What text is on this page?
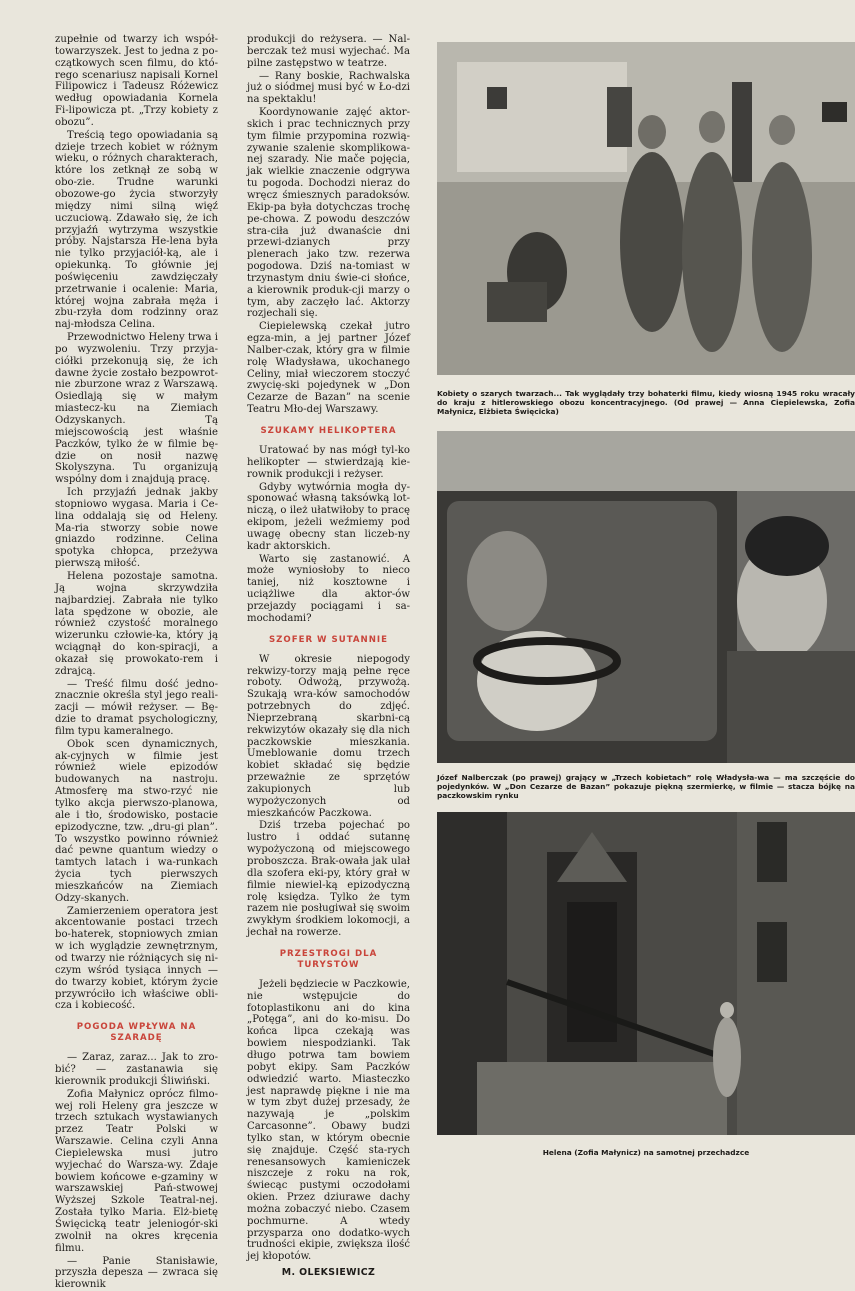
zupełnie od twarzy ich współ-towarzyszek. Jest to jedna z po-czątkowych scen filmu, do któ-rego scenariusz napisali Kornel Filipowicz i Tadeusz Różewicz według opowiadania Kornela Fi-lipowicza pt. „Trzy kobiety z obozu”.

Treścią tego opowiadania są dzieje trzech kobiet w różnym wieku, o różnych charakterach, które los zetknął ze sobą w obo-zie. Trudne warunki obozowe-go życia stworzyły między nimi silną więź uczuciową. Zdawało się, że ich przyjaźń wytrzyma wszystkie próby. Najstarsza He-lena była nie tylko przyjaciół-ką, ale i opiekunką. To głównie jej poświęceniu zawdzięczały przetrwanie i ocalenie: Maria, której wojna zabrała męża i zbu-rzyła dom rodzinny oraz naj-młodsza Celina.

Przewodnictwo Heleny trwa i po wyzwoleniu. Trzy przyja-ciółki przekonują się, że ich dawne życie zostało bezpowrot-nie zburzone wraz z Warszawą. Osiedlają się w małym miastecz-ku na Ziemiach Odzyskanych. Tą miejscowością jest właśnie Paczków, tylko że w filmie bę-dzie on nosił nazwę Skolyszyna. Tu organizują wspólny dom i znajdują pracę.

Ich przyjaźń jednak jakby stopniowo wygasa. Maria i Ce-lina oddalają się od Heleny. Ma-ria stworzy sobie nowe gniazdo rodzinne. Celina spotyka chłopca, przeżywa pierwszą miłość.

Helena pozostaje samotna. Ją wojna skrzywdziła najbardziej. Zabrała nie tylko lata spędzone w obozie, ale również czystość moralnego wizerunku człowie-ka, który ją wciągnął do kon-spiracji, a okazał się prowokato-rem i zdrajcą.

— Treść filmu dość jedno-znacznie określa styl jego reali-zacji — mówił reżyser. — Bę-dzie to dramat psychologiczny, film typu kameralnego.

Obok scen dynamicznych, ak-cyjnych w filmie jest również wiele epizodów budowanych na nastroju. Atmosferę ma stwo-rzyć nie tylko akcja pierwszo-planowa, ale i tło, środowisko, postacie epizodyczne, tzw. „dru-gi plan”. To wszystko powinno również dać pewne quantum wiedzy o tamtych latach i wa-runkach życia tych pierwszych mieszkańców na Ziemiach Odzy-skanych.

Zamierzeniem operatora jest akcentowanie postaci trzech bo-haterek, stopniowych zmian w ich wyglądzie zewnętrznym, od twarzy nie różniących się ni-czym wśród tysiąca innych — do twarzy kobiet, którym życie przywróciło ich właściwe obli-cza i kobiecość.

POGODA WPŁYWA NA SZARADĘ

— Zaraz, zaraz... Jak to zro-bić? — zastanawia się kierownik produkcji Śliwiński.

Zofia Małynicz oprócz filmo-wej roli Heleny gra jeszcze w trzech sztukach wystawianych przez Teatr Polski w Warszawie. Celina czyli Anna Ciepielewska musi jutro wyjechać do Warsza-wy. Zdaje bowiem końcowe e-gzaminy w warszawskiej Pań-stwowej Wyższej Szkole Teatral-nej. Została tylko Maria. Elż-bietę Święcicką teatr jeleniogór-ski zwolnił na okres kręcenia filmu.

— Panie Stanisławie, przyszła depesza — zwraca się kierownik

produkcji do reżysera. — Nal-berczak też musi wyjechać. Ma pilne zastępstwo w teatrze.

— Rany boskie, Rachwalska już o siódmej musi być w Ło-dzi na spektaklu!

Koordynowanie zajęć aktor-skich i prac technicznych przy tym filmie przypomina rozwią-zywanie szalenie skomplikowa-nej szarady. Nie mače pojęcia, jak wielkie znaczenie odgrywa tu pogoda. Dochodzi nieraz do wręcz śmiesznych paradoksów. Ekip-pa była dotychczas trochę pe-chowa. Z powodu deszczów stra-ciła już dwanaście dni przewi-dzianych przy plenerach jako tzw. rezerwa pogodowa. Dziś na-tomiast w trzynastym dniu świe-ci słońce, a kierownik produk-cji marzy o tym, aby zaczęło lać. Aktorzy rozjechali się.

Ciepielewską czekał jutro egza-min, a jej partner Józef Nalber-czak, który gra w filmie rolę Władysława, ukochanego Celiny, miał wieczorem stoczyć zwycię-ski pojedynek w „Don Cezarze de Bazan” na scenie Teatru Mło-dej Warszawy.

SZUKAMY HELIKOPTERA

Uratować by nas mógł tyl-ko helikopter — stwierdzają kie-rownik produkcji i reżyser.

Gdyby wytwórnia mogła dy-sponować własną taksówką lot-niczą, o ileż ułatwiłoby to pracę ekipom, jeżeli weźmiemy pod uwagę obecny stan liczeb-ny kadr aktorskich.

Warto się zastanowić. A może wyniosłoby to nieco taniej, niż kosztowne i uciążliwe dla aktor-ów przejazdy pociągami i sa-mochodami?

SZOFER W SUTANNIE

W okresie niepogody rekwizy-torzy mają pełne ręce roboty. Odwożą, przywożą. Szukają wra-ków samochodów potrzebnych do zdjęć. Nieprzebraną skarbni-cą rekwizytów okazały się dla nich paczkowskie mieszkania. Umeblowanie domu trzech kobiet składać się będzie przeważnie ze sprzętów zakupionych lub wypożyczonych od mieszkańców Paczkowa.

Dziś trzeba pojechać po lustro i oddać sutannę wypożyczoną od miejscowego proboszcza. Brak-owała jak ulał dla szofera eki-py, który grał w filmie niewiel-ką epizodyczną rolę księdza. Tylko że tym razem nie posługiwał się swoim zwykłym środkiem lokomocji, a jechał na rowerze.

PRZESTROGI DLA TURYSTÓW

Jeżeli będziecie w Paczkowie, nie wstępujcie do fotoplastikonu ani do kina „Potęga”, ani do ko-misu. Do końca lipca czekają was bowiem niespodzianki. Tak długo potrwa tam bowiem pobyt ekipy. Sam Paczków odwiedzić warto. Miasteczko jest naprawdę piękne i nie ma w tym zbyt dużej przesady, że nazywają je „polskim Carcasonne”. Obawy budzi tylko stan, w którym obecnie się znajduje. Część sta-rych renesansowych kamieniczek niszczeje z roku na rok, świecąc pustymi oczodołami okien. Przez dziurawe dachy można zobaczyć niebo. Czasem pochmurne. A wtedy przysparza ono dodatko-wych trudności ekipie, zwiększa ilość jej kłopotów.

M. OLEKSIEWICZ

Kobiety o szarych twarzach... Tak wyglądały trzy bohaterki filmu, kiedy wiosną 1945 roku wracały do kraju z hitlerowskiego obozu koncentracyjnego. (Od prawej — Anna Ciepielewska, Zofia Małynicz, Elżbieta Święcicka)
Józef Nalberczak (po prawej) grający w „Trzech kobietach” rolę Władysła-wa — ma szczęście do pojedynków. W „Don Cezarze de Bazan” pokazuje piękną szermierkę, w filmie — stacza bójkę na paczkowskim rynku
Helena (Zofia Małynicz) na samotnej przechadzce
